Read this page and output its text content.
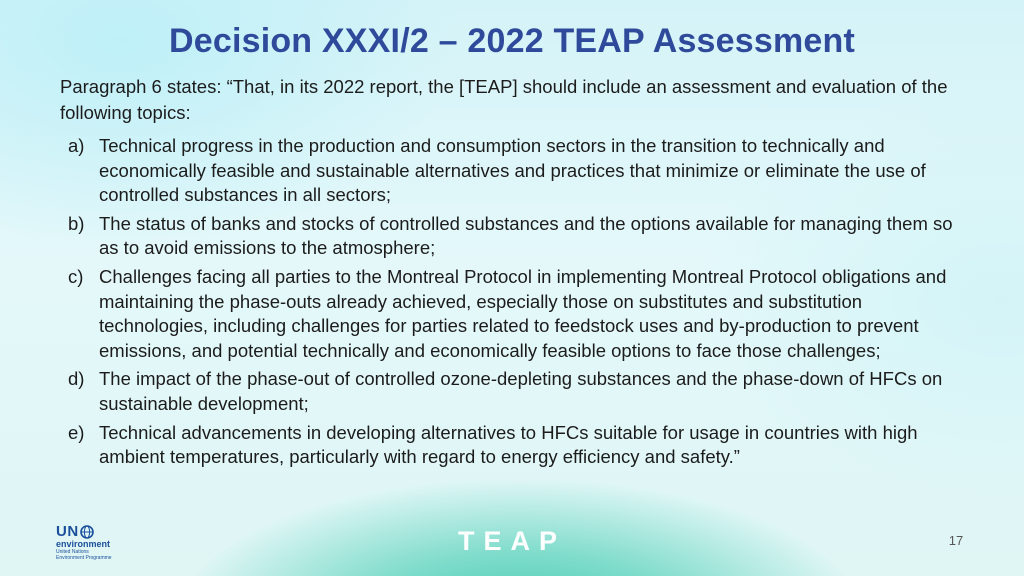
Decision XXXI/2 – 2022 TEAP Assessment
Paragraph 6 states: “That, in its 2022 report, the [TEAP] should include an assessment and evaluation of the following topics:
a) Technical progress in the production and consumption sectors in the transition to technically and economically feasible and sustainable alternatives and practices that minimize or eliminate the use of controlled substances in all sectors;
b) The status of banks and stocks of controlled substances and the options available for managing them so as to avoid emissions to the atmosphere;
c) Challenges facing all parties to the Montreal Protocol in implementing Montreal Protocol obligations and maintaining the phase-outs already achieved, especially those on substitutes and substitution technologies, including challenges for parties related to feedstock uses and by-production to prevent emissions, and potential technically and economically feasible options to face those challenges;
d) The impact of the phase-out of controlled ozone-depleting substances and the phase-down of HFCs on sustainable development;
e) Technical advancements in developing alternatives to HFCs suitable for usage in countries with high ambient temperatures, particularly with regard to energy efficiency and safety.”
UN
environment
United Nations Environment Programme
TEAP	17
